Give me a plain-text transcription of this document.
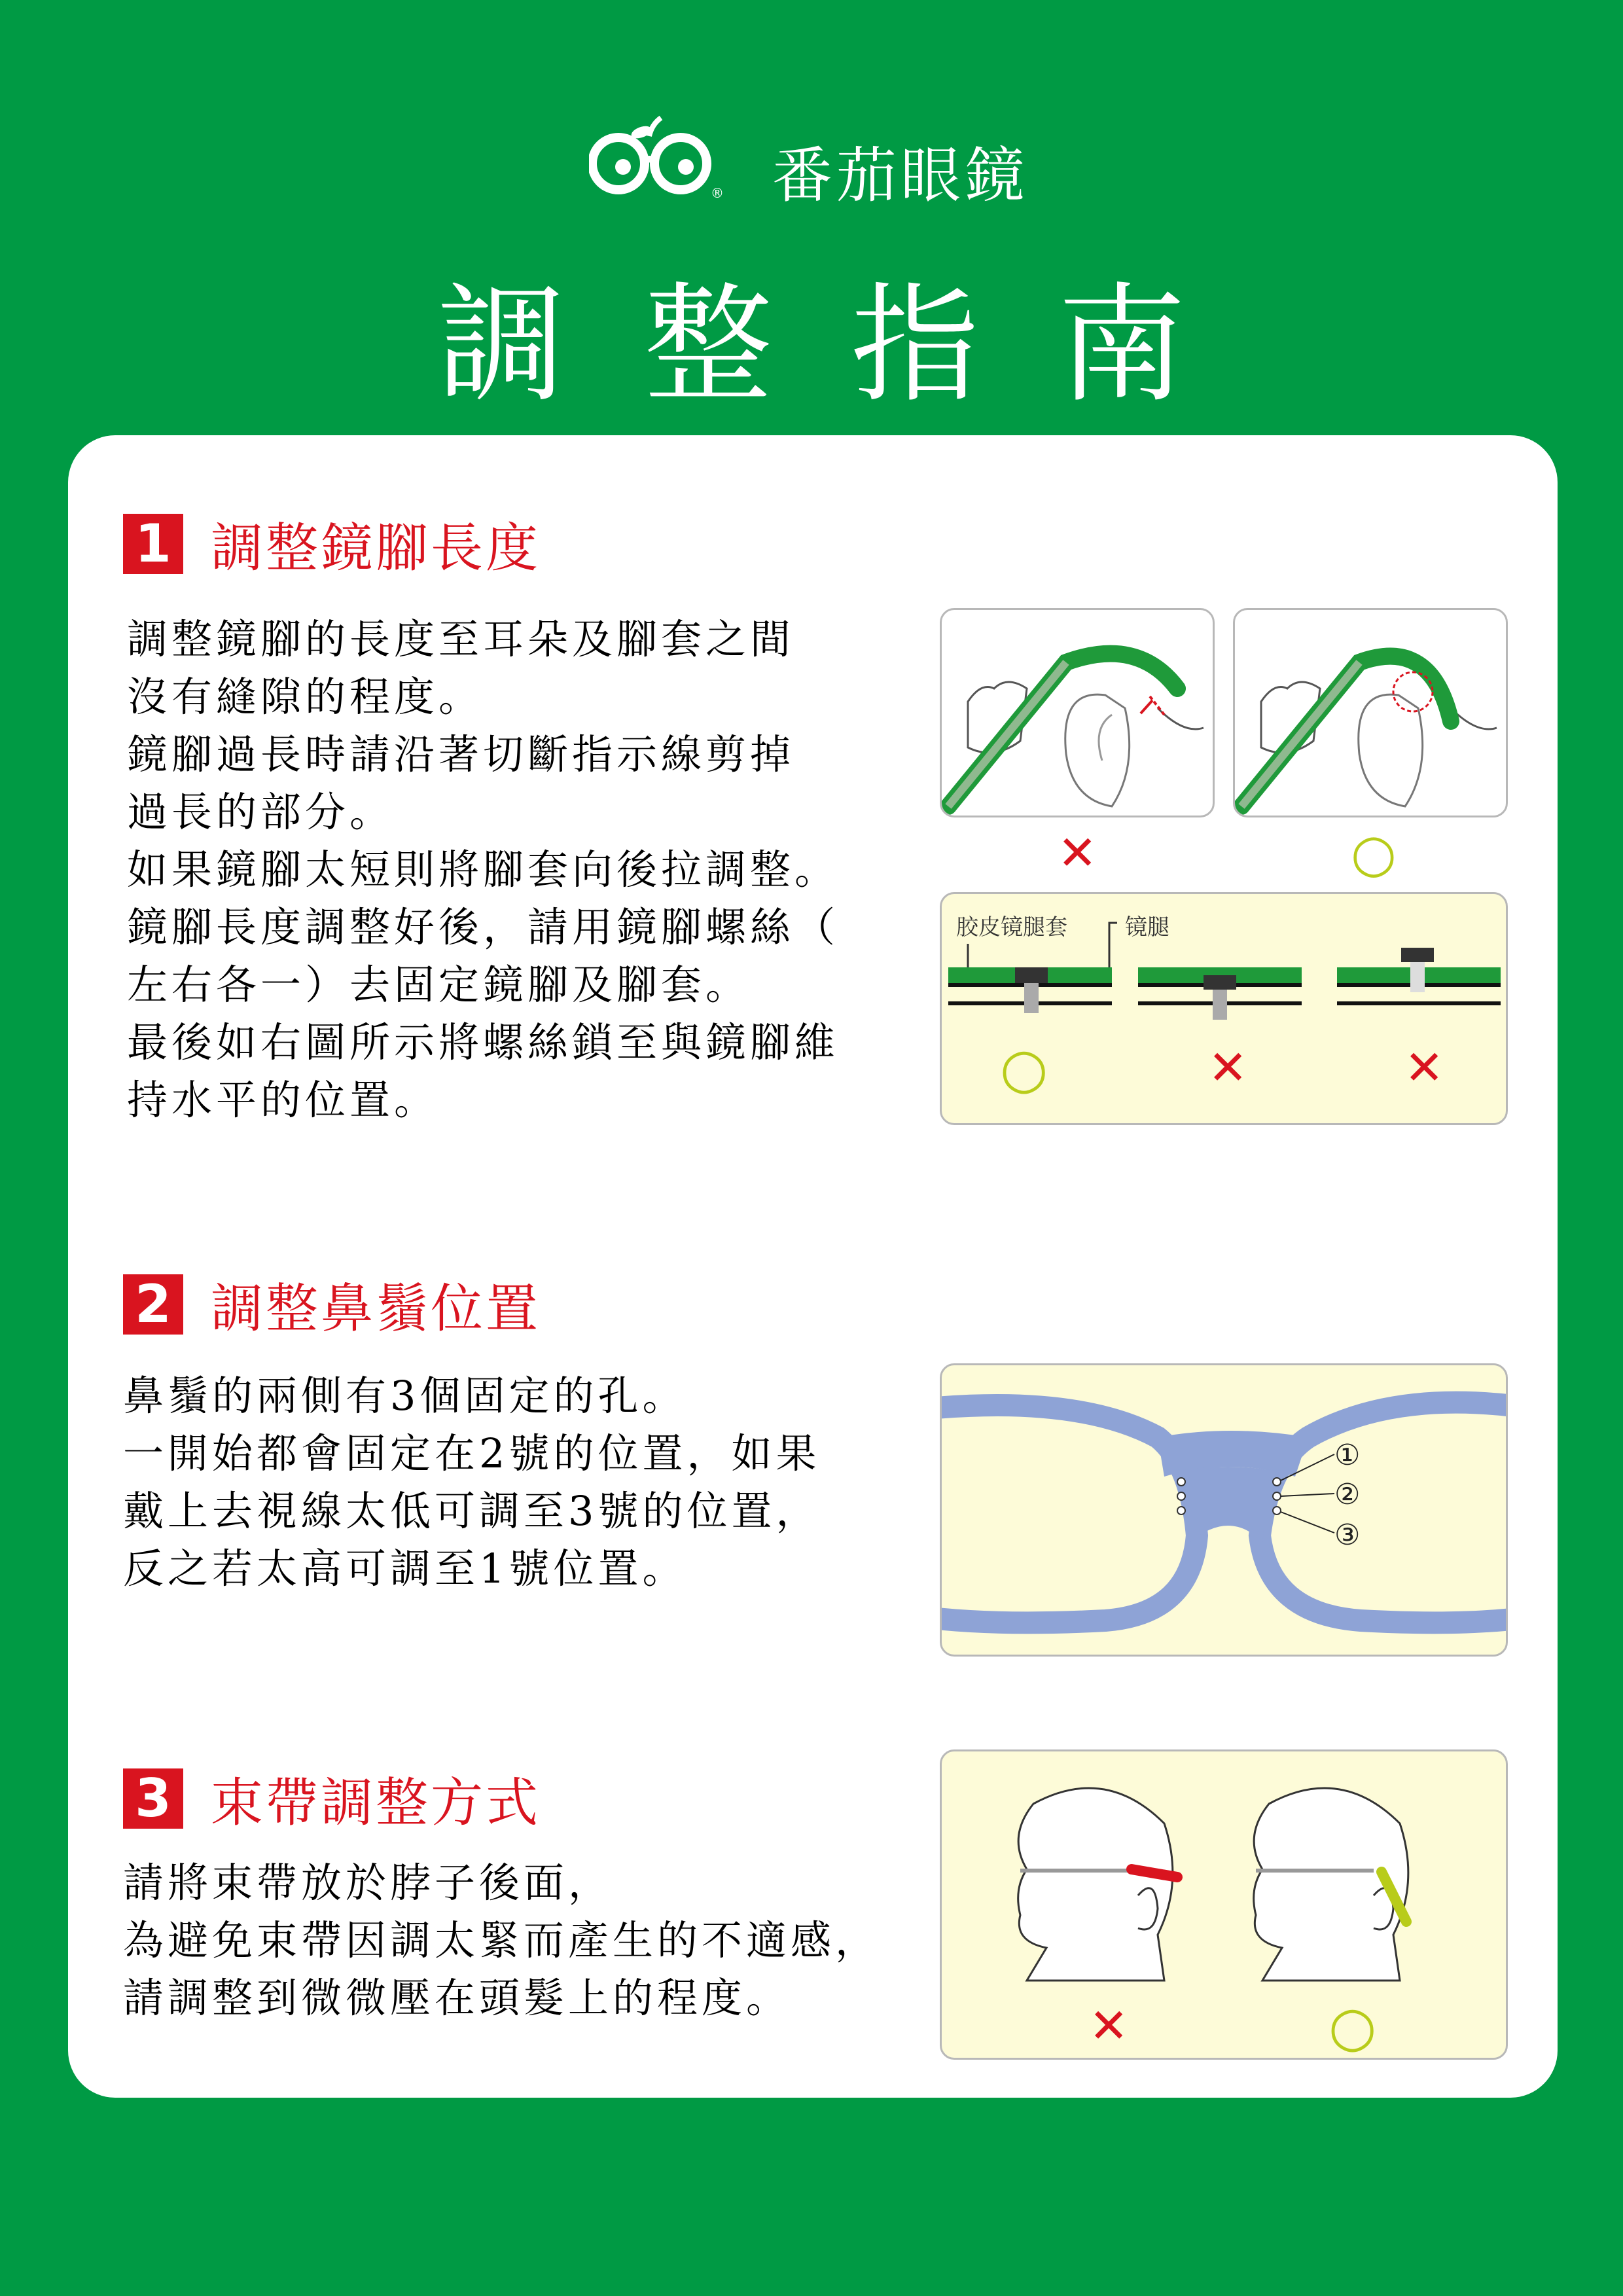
® 番茄眼鏡
調整指南
1 調整鏡腳長度

調整鏡腳的長度至耳朵及腳套之間

沒有縫隙的程度。

鏡腳過長時請沿著切斷指示線剪掉

過長的部分。

如果鏡腳太短則將腳套向後拉調整。

鏡腳長度調整好後，請用鏡腳螺絲（

左右各一）去固定鏡腳及腳套。

最後如右圖所示將螺絲鎖至與鏡腳維

持水平的位置。

✕	○
胶皮镜腿套	镜腿
○	✕	✕
2 調整鼻鬚位置

鼻鬚的兩側有3個固定的孔。

一開始都會固定在2號的位置，如果

戴上去視線太低可調至3號的位置，

反之若太高可調至1號位置。

①
②
③
3 束帶調整方式

請將束帶放於脖子後面，

為避免束帶因調太緊而產生的不適感，

請調整到微微壓在頭髮上的程度。

✕	○
